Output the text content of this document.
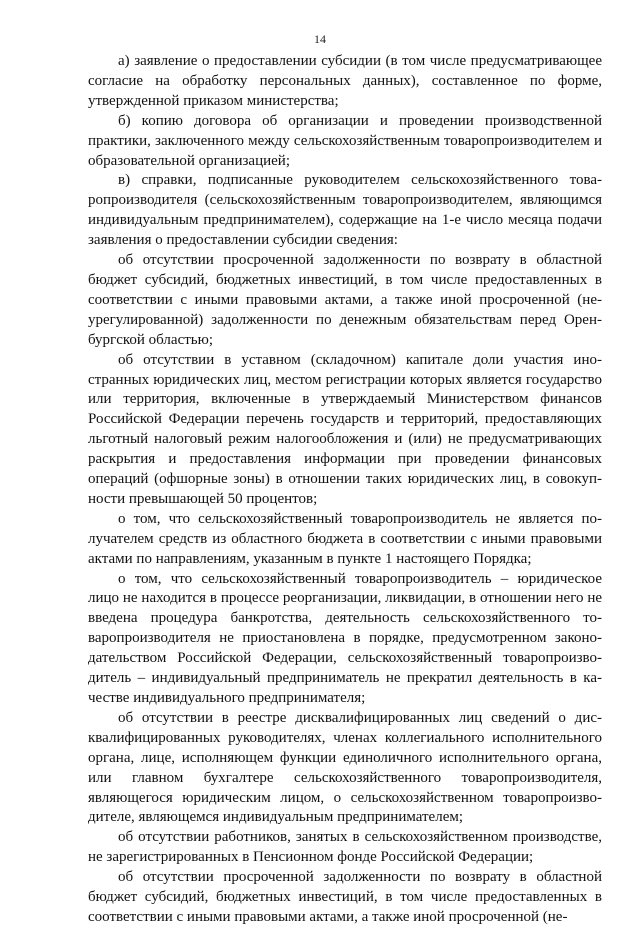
14

а) заявление о предоставлении субсидии (в том числе предусматривающее согласие на обработку персональных данных), составленное по форме, утвержденной приказом министерства;

б) копию договора об организации и проведении производственной практики, заключенного между сельскохозяйственным товаропроизводителем и образовательной организацией;

в) справки, подписанные руководителем сельскохозяйственного товаропроизводителя (сельскохозяйственным товаропроизводителем, являющимся индивидуальным предпринимателем), содержащие на 1-е число месяца подачи заявления о предоставлении субсидии сведения:

об отсутствии просроченной задолженности по возврату в областной бюджет субсидий, бюджетных инвестиций, в том числе предоставленных в соответствии с иными правовыми актами, а также иной просроченной (неурегулированной) задолженности по денежным обязательствам перед Оренбургской областью;

об отсутствии в уставном (складочном) капитале доли участия иностранных юридических лиц, местом регистрации которых является государство или территория, включенные в утверждаемый Министерством финансов Российской Федерации перечень государств и территорий, предоставляющих льготный налоговый режим налогообложения и (или) не предусматривающих раскрытия и предоставления информации при проведении финансовых операций (офшорные зоны) в отношении таких юридических лиц, в совокупности превышающей 50 процентов;

о том, что сельскохозяйственный товаропроизводитель не является получателем средств из областного бюджета в соответствии с иными правовыми актами по направлениям, указанным в пункте 1 настоящего Порядка;

о том, что сельскохозяйственный товаропроизводитель – юридическое лицо не находится в процессе реорганизации, ликвидации, в отношении него не введена процедура банкротства, деятельность сельскохозяйственного товаропроизводителя не приостановлена в порядке, предусмотренном законодательством Российской Федерации, сельскохозяйственный товаропроизводитель – индивидуальный предприниматель не прекратил деятельность в качестве индивидуального предпринимателя;

об отсутствии в реестре дисквалифицированных лиц сведений о дисквалифицированных руководителях, членах коллегиального исполнительного органа, лице, исполняющем функции единоличного исполнительного органа, или главном бухгалтере сельскохозяйственного товаропроизводителя, являющегося юридическим лицом, о сельскохозяйственном товаропроизводителе, являющемся индивидуальным предпринимателем;

об отсутствии работников, занятых в сельскохозяйственном производстве, не зарегистрированных в Пенсионном фонде Российской Федерации;

об отсутствии просроченной задолженности по возврату в областной бюджет субсидий, бюджетных инвестиций, в том числе предоставленных в соответствии с иными правовыми актами, а также иной просроченной (не-
